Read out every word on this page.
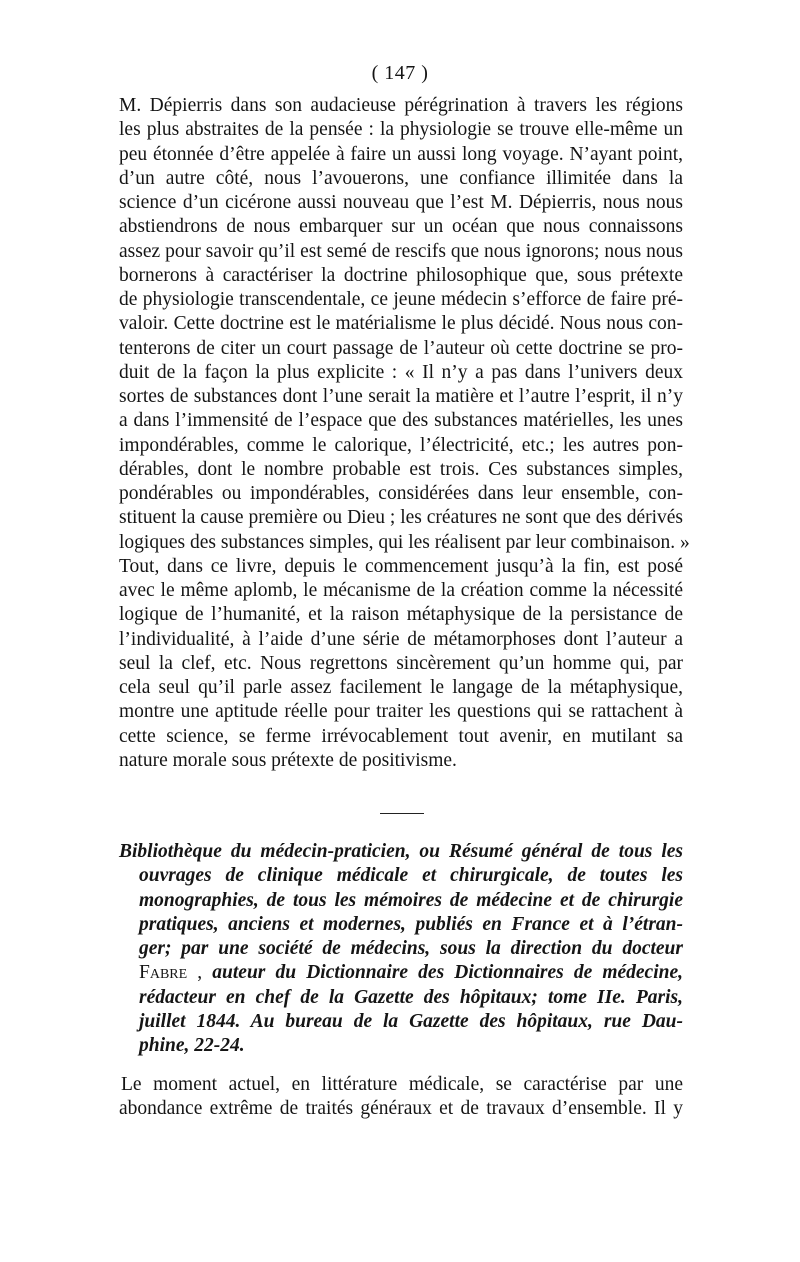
( 147 )
M. Dépierris dans son audacieuse pérégrination à travers les régions
les plus abstraites de la pensée : la physiologie se trouve elle-même un
peu étonnée d’être appelée à faire un aussi long voyage. N’ayant point,
d’un autre côté, nous l’avouerons, une confiance illimitée dans la
science d’un cicérone aussi nouveau que l’est M. Dépierris, nous nous
abstiendrons de nous embarquer sur un océan que nous connaissons
assez pour savoir qu’il est semé de rescifs que nous ignorons; nous nous
bornerons à caractériser la doctrine philosophique que, sous prétexte
de physiologie transcendentale, ce jeune médecin s’efforce de faire pré-
valoir. Cette doctrine est le matérialisme le plus décidé. Nous nous con-
tenterons de citer un court passage de l’auteur où cette doctrine se pro-
duit de la façon la plus explicite : « Il n’y a pas dans l’univers deux
sortes de substances dont l’une serait la matière et l’autre l’esprit, il n’y
a dans l’immensité de l’espace que des substances matérielles, les unes
impondérables, comme le calorique, l’électricité, etc.; les autres pon-
dérables, dont le nombre probable est trois. Ces substances simples,
pondérables ou impondérables, considérées dans leur ensemble, con-
stituent la cause première ou Dieu ; les créatures ne sont que des dérivés
logiques des substances simples, qui les réalisent par leur combinaison. »
Tout, dans ce livre, depuis le commencement jusqu’à la fin, est posé
avec le même aplomb, le mécanisme de la création comme la nécessité
logique de l’humanité, et la raison métaphysique de la persistance de
l’individualité, à l’aide d’une série de métamorphoses dont l’auteur a
seul la clef, etc. Nous regrettons sincèrement qu’un homme qui, par
cela seul qu’il parle assez facilement le langage de la métaphysique,
montre une aptitude réelle pour traiter les questions qui se rattachent à
cette science, se ferme irrévocablement tout avenir, en mutilant sa
nature morale sous prétexte de positivisme.
Bibliothèque du médecin-praticien, ou Résumé général de tous les
ouvrages de clinique médicale et chirurgicale, de toutes les
monographies, de tous les mémoires de médecine et de chirurgie
pratiques, anciens et modernes, publiés en France et à l’étran-
ger; par une société de médecins, sous la direction du docteur
Fabre , auteur du Dictionnaire des Dictionnaires de médecine,
rédacteur en chef de la Gazette des hôpitaux; tome IIe. Paris,
juillet 1844. Au bureau de la Gazette des hôpitaux, rue Dau-
phine, 22-24.
Le moment actuel, en littérature médicale, se caractérise par une
abondance extrême de traités généraux et de travaux d’ensemble. Il y
